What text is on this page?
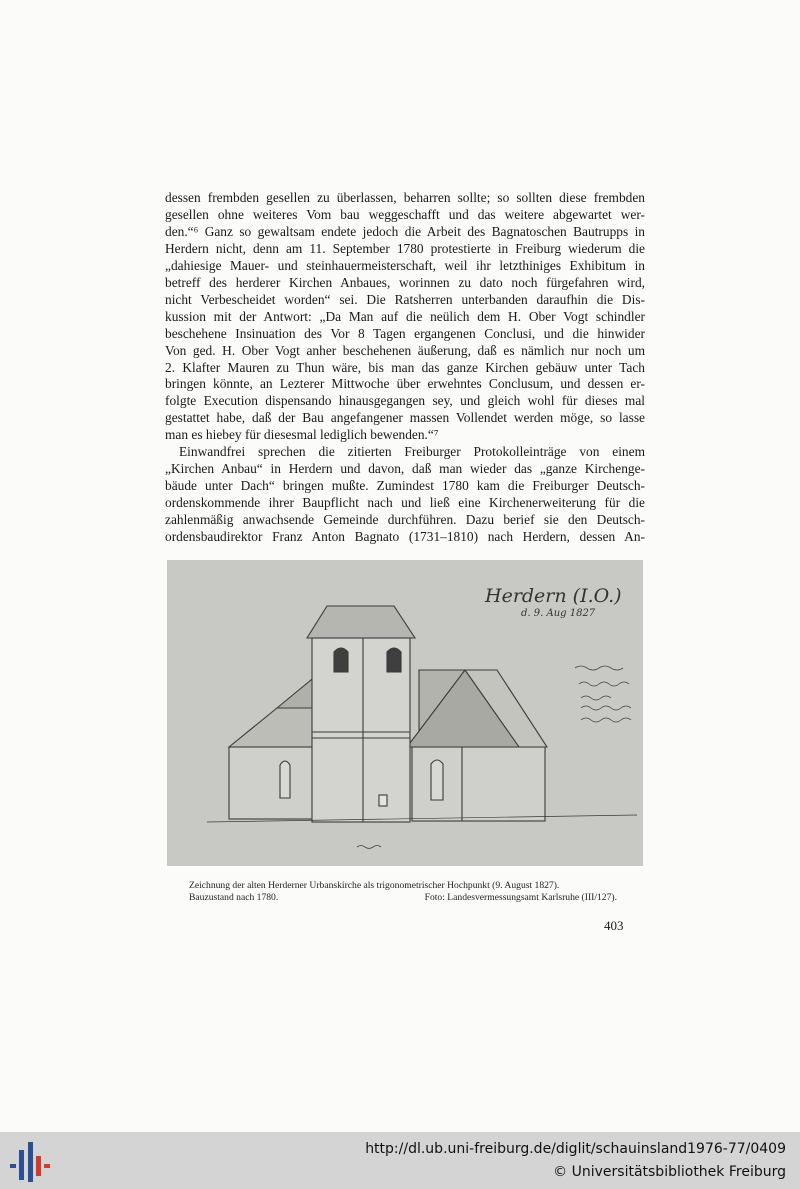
dessen frembden gesellen zu überlassen, beharren sollte; so sollten diese frembden
gesellen ohne weiteres Vom bau weggeschafft und das weitere abgewartet wer-
den.“⁶ Ganz so gewaltsam endete jedoch die Arbeit des Bagnatoschen Bautrupps in
Herdern nicht, denn am 11. September 1780 protestierte in Freiburg wiederum die
„dahiesige Mauer- und steinhauermeisterschaft, weil ihr letzthiniges Exhibitum in
betreff des herderer Kirchen Anbaues, worinnen zu dato noch fürgefahren wird,
nicht Verbescheidet worden“ sei. Die Ratsherren unterbanden daraufhin die Dis-
kussion mit der Antwort: „Da Man auf die neülich dem H. Ober Vogt schindler
beschehene Insinuation des Vor 8 Tagen ergangenen Conclusi, und die hinwider
Von ged. H. Ober Vogt anher beschehenen äußerung, daß es nämlich nur noch um
2. Klafter Mauren zu Thun wäre, bis man das ganze Kirchen gebäuw unter Tach
bringen könnte, an Lezterer Mittwoche über erwehntes Conclusum, und dessen er-
folgte Execution dispensando hinausgegangen sey, und gleich wohl für dieses mal
gestattet habe, daß der Bau angefangener massen Vollendet werden möge, so lasse
man es hiebey für diesesmal lediglich bewenden.“⁷
Einwandfrei sprechen die zitierten Freiburger Protokolleinträge von einem
„Kirchen Anbau“ in Herdern und davon, daß man wieder das „ganze Kirchenge-
bäude unter Dach“ bringen mußte. Zumindest 1780 kam die Freiburger Deutsch-
ordenskommende ihrer Baupflicht nach und ließ eine Kirchenerweiterung für die
zahlenmäßig anwachsende Gemeinde durchführen. Dazu berief sie den Deutsch-
ordensbaudirektor Franz Anton Bagnato (1731–1810) nach Herdern, dessen An-
Herdern (I.O.)
d. 9. Aug 1827
Zeichnung der alten Herderner Urbanskirche als trigonometrischer Hochpunkt (9. August 1827).
Bauzustand nach 1780.	Foto: Landesvermessungsamt Karlsruhe (III/127).
403
http://dl.ub.uni-freiburg.de/diglit/schauinsland1976-77/0409
© Universitätsbibliothek Freiburg
